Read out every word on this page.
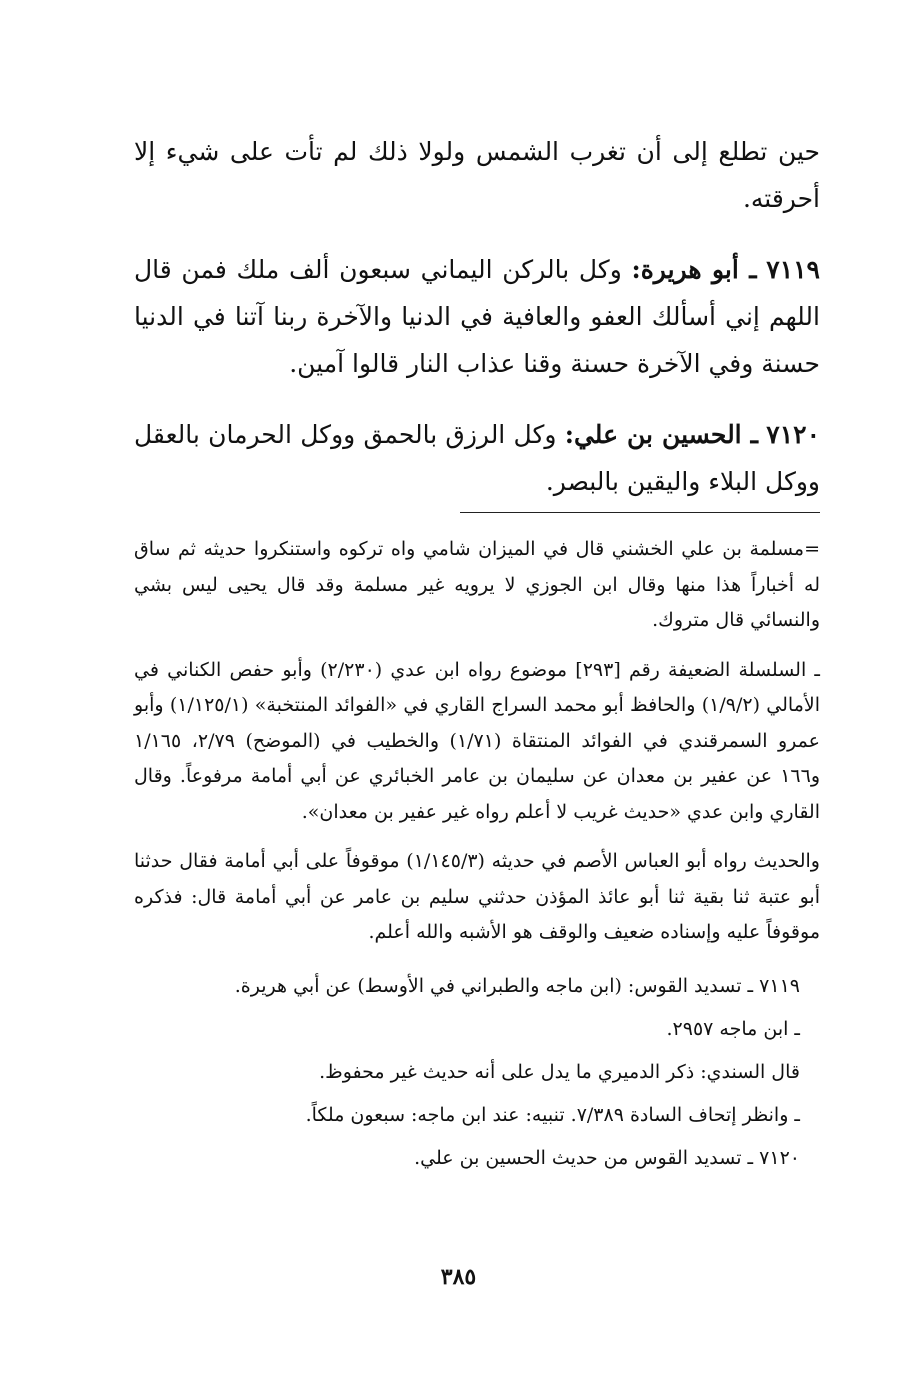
حين تطلع إلى أن تغرب الشمس ولولا ذلك لم تأت على شيء إلا أحرقته.

٧١١٩ ـ أبو هريرة: وكل بالركن اليماني سبعون ألف ملك فمن قال اللهم إني أسألك العفو والعافية في الدنيا والآخرة ربنا آتنا في الدنيا حسنة وفي الآخرة حسنة وقنا عذاب النار قالوا آمين.

٧١٢٠ ـ الحسين بن علي: وكل الرزق بالحمق ووكل الحرمان بالعقل ووكل البلاء واليقين بالبصر.

=مسلمة بن علي الخشني قال في الميزان شامي واه تركوه واستنكروا حديثه ثم ساق له أخباراً هذا منها وقال ابن الجوزي لا يرويه غير مسلمة وقد قال يحيى ليس بشي والنسائي قال متروك.

ـ السلسلة الضعيفة رقم [٢٩٣] موضوع رواه ابن عدي (٢/٢٣٠) وأبو حفص الكناني في الأمالي (١/٩/٢) والحافظ أبو محمد السراج القاري في «الفوائد المنتخبة» (١/١٢٥/١) وأبو عمرو السمرقندي في الفوائد المنتقاة (١/٧١) والخطيب في (الموضح) ٢/٧٩، ١/١٦٥ و١٦٦ عن عفير بن معدان عن سليمان بن عامر الخبائري عن أبي أمامة مرفوعاً. وقال القاري وابن عدي «حديث غريب لا أعلم رواه غير عفير بن معدان».

والحديث رواه أبو العباس الأصم في حديثه (١/١٤٥/٣) موقوفاً على أبي أمامة فقال حدثنا أبو عتبة ثنا بقية ثنا أبو عائذ المؤذن حدثني سليم بن عامر عن أبي أمامة قال: فذكره موقوفاً عليه وإسناده ضعيف والوقف هو الأشبه والله أعلم.

٧١١٩ ـ تسديد القوس: (ابن ماجه والطبراني في الأوسط) عن أبي هريرة.

ـ ابن ماجه ٢٩٥٧.

قال السندي: ذكر الدميري ما يدل على أنه حديث غير محفوظ.

ـ وانظر إتحاف السادة ٧/٣٨٩. تنبيه: عند ابن ماجه: سبعون ملكاً.

٧١٢٠ ـ تسديد القوس من حديث الحسين بن علي.

٣٨٥
